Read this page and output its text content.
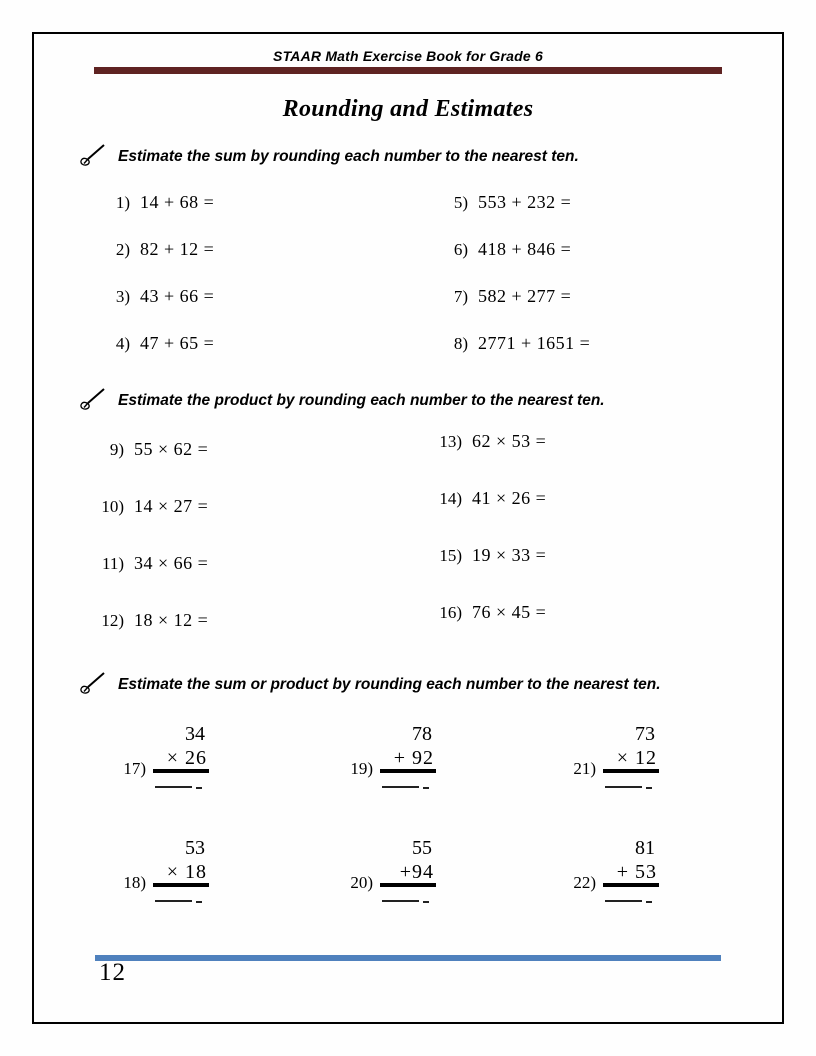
STAAR Math Exercise Book for Grade 6
Rounding and Estimates
Estimate the sum by rounding each number to the nearest ten.
1) 14 + 68 =
2) 82 + 12 =
3) 43 + 66 =
4) 47 + 65 =
5) 553 + 232 =
6) 418 + 846 =
7) 582 + 277 =
8) 2771 + 1651 =
Estimate the product by rounding each number to the nearest ten.
9) 55 × 62 =
10) 14 × 27 =
11) 34 × 66 =
12) 18 × 12 =
13) 62 × 53 =
14) 41 × 26 =
15) 19 × 33 =
16) 76 × 45 =
Estimate the sum or product by rounding each number to the nearest ten.
17)
34
× 26	19)
78
+ 92	21)
73
× 12
18)
53
× 18	20)
55
+94	22)
81
+ 53
12
